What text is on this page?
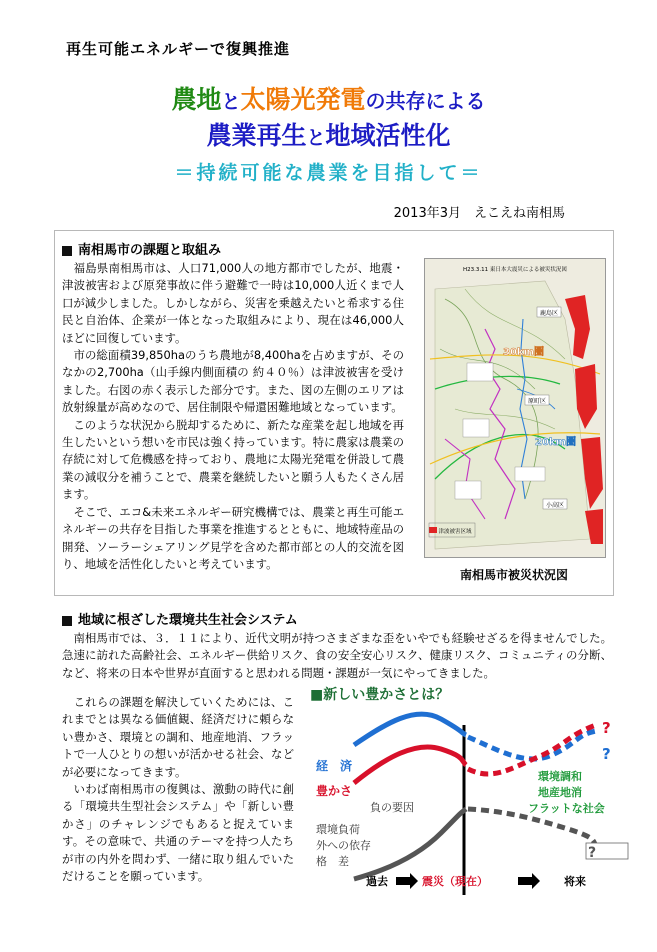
再生可能エネルギーで復興推進
農地と太陽光発電の共存による
農業再生と地域活性化
＝持続可能な農業を目指して＝
2013年3月　えこえね南相馬
南相馬市の課題と取組み
　福島県南相馬市は、人口71,000人の地方都市でしたが、地震・津波被害および原発事故に伴う避難で一時は10,000人近くまで人口が減少しました。しかしながら、災害を乗越えたいと希求する住民と自治体、企業が一体となった取組みにより、現在は46,000人ほどに回復しています。
　市の総面積39,850haのうち農地が8,400haを占めますが、そのなかの2,700ha（山手線内側面積の 約４０％）は津波被害を受けました。右図の赤く表示した部分です。また、図の左側のエリアは放射線量が高めなので、居住制限や帰還困難地域となっています。
　このような状況から脱却するために、新たな産業を起し地域を再生したいという想いを市民は強く持っています。特に農家は農業の存続に対して危機感を持っており、農地に太陽光発電を併設して農業の減収分を補うことで、農業を継続したいと願う人もたくさん居ます。
　そこで、エコ&未来エネルギー研究機構では、農業と再生可能エネルギーの共存を目指した事業を推進するとともに、地域特産品の開発、ソーラーシェアリング見学を含めた都市部との人的交流を図り、地域を活性化したいと考えています。
H23.3.11 東日本大震災による被災状況図
鹿島区
原町区
小高区
30km圏
20km圏
津波被害区域
南相馬市被災状況図
地域に根ざした環境共生社会システム
　南相馬市では、３．１１により、近代文明が持つさまざまな歪をいやでも経験せざるを得ませんでした。急速に訪れた高齢社会、エネルギー供給リスク、食の安全安心リスク、健康リスク、コミュニティの分断、など、将来の日本や世界が直面すると思われる問題・課題が一気にやってきました。
　これらの課題を解決していくためには、これまでとは異なる価値観、経済だけに頼らない豊かさ、環境との調和、地産地消、フラットで一人ひとりの想いが活かせる社会、などが必要になってきます。
　いわば南相馬市の復興は、激動の時代に創る「環境共生型社会システム」や「新しい豊かさ」のチャレンジでもあると捉えています。その意味で、共通のテーマを持つ人たちが市の内外を問わず、一緒に取り組んでいただけることを願っています。
■新しい豊かさとは？
?
?
?
経　済
豊かさ
負の要因
環境負荷
外への依存
格　差
環境調和
地産地消
フラットな社会
過去	震災（現在）	将来
